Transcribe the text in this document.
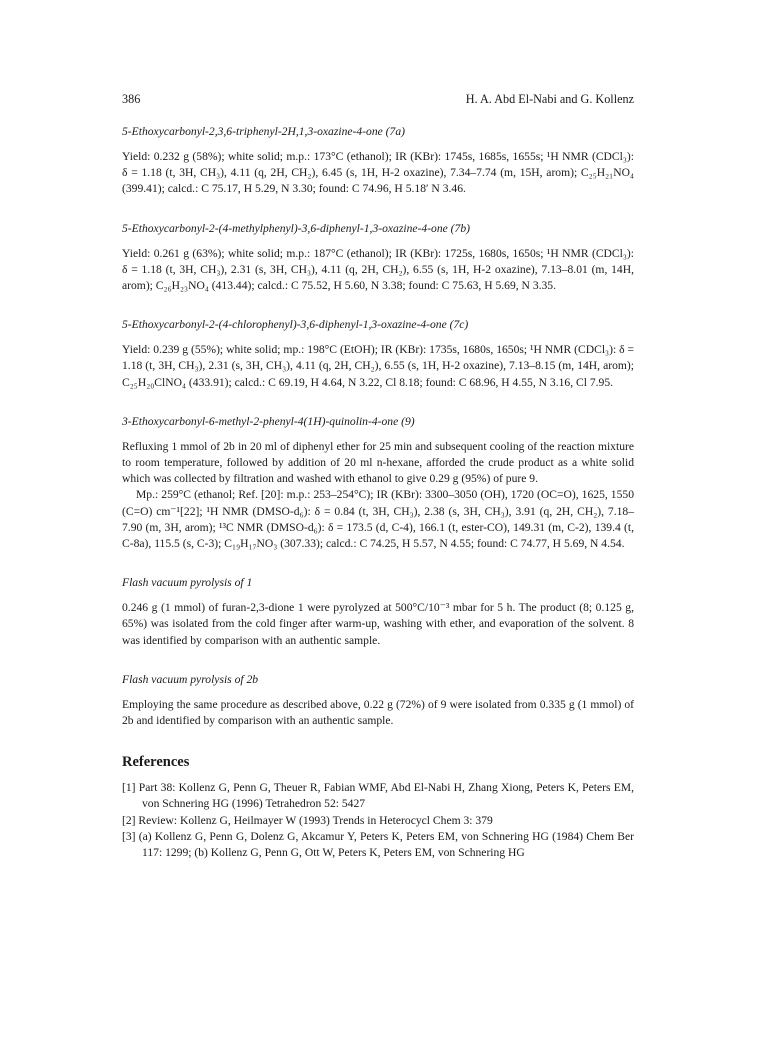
386	H. A. Abd El-Nabi and G. Kollenz

5-Ethoxycarbonyl-2,3,6-triphenyl-2H,1,3-oxazine-4-one (7a)

Yield: 0.232 g (58%); white solid; m.p.: 173°C (ethanol); IR (KBr): 1745s, 1685s, 1655s; ¹H NMR (CDCl₃): δ = 1.18 (t, 3H, CH₃), 4.11 (q, 2H, CH₂), 6.45 (s, 1H, H-2 oxazine), 7.34–7.74 (m, 15H, arom); C₂₅H₂₁NO₄ (399.41); calcd.: C 75.17, H 5.29, N 3.30; found: C 74.96, H 5.18′ N 3.46.

5-Ethoxycarbonyl-2-(4-methylphenyl)-3,6-diphenyl-1,3-oxazine-4-one (7b)

Yield: 0.261 g (63%); white solid; m.p.: 187°C (ethanol); IR (KBr): 1725s, 1680s, 1650s; ¹H NMR (CDCl₃): δ = 1.18 (t, 3H, CH₃), 2.31 (s, 3H, CH₃), 4.11 (q, 2H, CH₂), 6.55 (s, 1H, H-2 oxazine), 7.13–8.01 (m, 14H, arom); C₂₆H₂₃NO₄ (413.44); calcd.: C 75.52, H 5.60, N 3.38; found: C 75.63, H 5.69, N 3.35.

5-Ethoxycarbonyl-2-(4-chlorophenyl)-3,6-diphenyl-1,3-oxazine-4-one (7c)

Yield: 0.239 g (55%); white solid; mp.: 198°C (EtOH); IR (KBr): 1735s, 1680s, 1650s; ¹H NMR (CDCl₃): δ = 1.18 (t, 3H, CH₃), 2.31 (s, 3H, CH₃), 4.11 (q, 2H, CH₂), 6.55 (s, 1H, H-2 oxazine), 7.13–8.15 (m, 14H, arom); C₂₅H₂₀ClNO₄ (433.91); calcd.: C 69.19, H 4.64, N 3.22, Cl 8.18; found: C 68.96, H 4.55, N 3.16, Cl 7.95.

3-Ethoxycarbonyl-6-methyl-2-phenyl-4(1H)-quinolin-4-one (9)

Refluxing 1 mmol of 2b in 20 ml of diphenyl ether for 25 min and subsequent cooling of the reaction mixture to room temperature, followed by addition of 20 ml n-hexane, afforded the crude product as a white solid which was collected by filtration and washed with ethanol to give 0.29 g (95%) of pure 9.

Mp.: 259°C (ethanol; Ref. [20]: m.p.: 253–254°C); IR (KBr): 3300–3050 (OH), 1720 (OC=O), 1625, 1550 (C=O) cm⁻¹[22]; ¹H NMR (DMSO-d₆): δ = 0.84 (t, 3H, CH₃), 2.38 (s, 3H, CH₃), 3.91 (q, 2H, CH₂), 7.18–7.90 (m, 3H, arom); ¹³C NMR (DMSO-d₆): δ = 173.5 (d, C-4), 166.1 (t, ester-CO), 149.31 (m, C-2), 139.4 (t, C-8a), 115.5 (s, C-3); C₁₉H₁₇NO₃ (307.33); calcd.: C 74.25, H 5.57, N 4.55; found: C 74.77, H 5.69, N 4.54.

Flash vacuum pyrolysis of 1

0.246 g (1 mmol) of furan-2,3-dione 1 were pyrolyzed at 500°C/10⁻³ mbar for 5 h. The product (8; 0.125 g, 65%) was isolated from the cold finger after warm-up, washing with ether, and evaporation of the solvent. 8 was identified by comparison with an authentic sample.

Flash vacuum pyrolysis of 2b

Employing the same procedure as described above, 0.22 g (72%) of 9 were isolated from 0.335 g (1 mmol) of 2b and identified by comparison with an authentic sample.

References

[1] Part 38: Kollenz G, Penn G, Theuer R, Fabian WMF, Abd El-Nabi H, Zhang Xiong, Peters K, Peters EM, von Schnering HG (1996) Tetrahedron 52: 5427

[2] Review: Kollenz G, Heilmayer W (1993) Trends in Heterocycl Chem 3: 379

[3] (a) Kollenz G, Penn G, Dolenz G, Akcamur Y, Peters K, Peters EM, von Schnering HG (1984) Chem Ber 117: 1299; (b) Kollenz G, Penn G, Ott W, Peters K, Peters EM, von Schnering HG
